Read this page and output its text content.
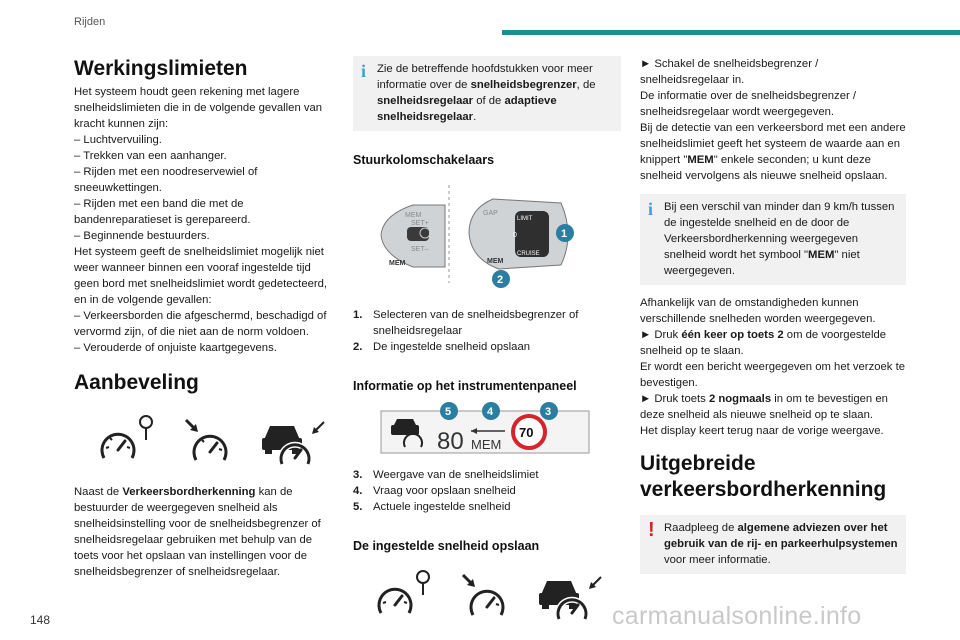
Rijden
Werkingslimieten

Het systeem houdt geen rekening met lagere snelheidslimieten die in de volgende gevallen van kracht kunnen zijn:

– Luchtvervuiling.

– Trekken van een aanhanger.

– Rijden met een noodreservewiel of sneeuwkettingen.

– Rijden met een band die met de bandenreparatieset is gerepareerd.

– Beginnende bestuurders.

Het systeem geeft de snelheidslimiet mogelijk niet weer wanneer binnen een vooraf ingestelde tijd geen bord met snelheidslimiet wordt gedetecteerd, en in de volgende gevallen:

– Verkeersborden die afgeschermd, beschadigd of vervormd zijn, of die niet aan de norm voldoen.

– Verouderde of onjuiste kaartgegevens.

Aanbeveling

Naast de Verkeersbordherkenning kan de bestuurder de weergegeven snelheid als snelheidsinstelling voor de snelheidsbegrenzer of snelheidsregelaar gebruiken met behulp van de toets voor het opslaan van instellingen voor de snelheidsbegrenzer of snelheidsregelaar.

i Zie de betreffende hoofdstukken voor meer informatie over de snelheidsbegrenzer, de snelheidsregelaar of de adaptieve snelheidsregelaar.
Stuurkolomschakelaars
MEM
SET+
SET–
MEM
LIMIT
0
CRUISE
GAP
MEM
1
2
1. Selecteren van de snelheidsbegrenzer of snelheidsregelaar
2. De ingestelde snelheid opslaan
Informatie op het instrumentenpaneel
80 MEM
70
5	4	3
3. Weergave van de snelheidslimiet
4. Vraag voor opslaan snelheid
5. Actuele ingestelde snelheid
De ingestelde snelheid opslaan

► Schakel de snelheidsbegrenzer / snelheidsregelaar in.

De informatie over de snelheidsbegrenzer / snelheidsregelaar wordt weergegeven.

Bij de detectie van een verkeersbord met een andere snelheidslimiet geeft het systeem de waarde aan en knippert "MEM" enkele seconden; u kunt deze snelheid vervolgens als nieuwe snelheid opslaan.

i Bij een verschil van minder dan 9 km/h tussen de ingestelde snelheid en de door de Verkeersbordherkenning weergegeven snelheid wordt het symbool "MEM" niet weergegeven.

Afhankelijk van de omstandigheden kunnen verschillende snelheden worden weergegeven.

► Druk één keer op toets 2 om de voorgestelde snelheid op te slaan.

Er wordt een bericht weergegeven om het verzoek te bevestigen.

► Druk toets 2 nogmaals in om te bevestigen en deze snelheid als nieuwe snelheid op te slaan.

Het display keert terug naar de vorige weergave.

Uitgebreide
verkeersbordherkenning
! Raadpleeg de algemene adviezen over het gebruik van de rij- en parkeerhulpsystemen voor meer informatie.
148	carmanualsonline.info
